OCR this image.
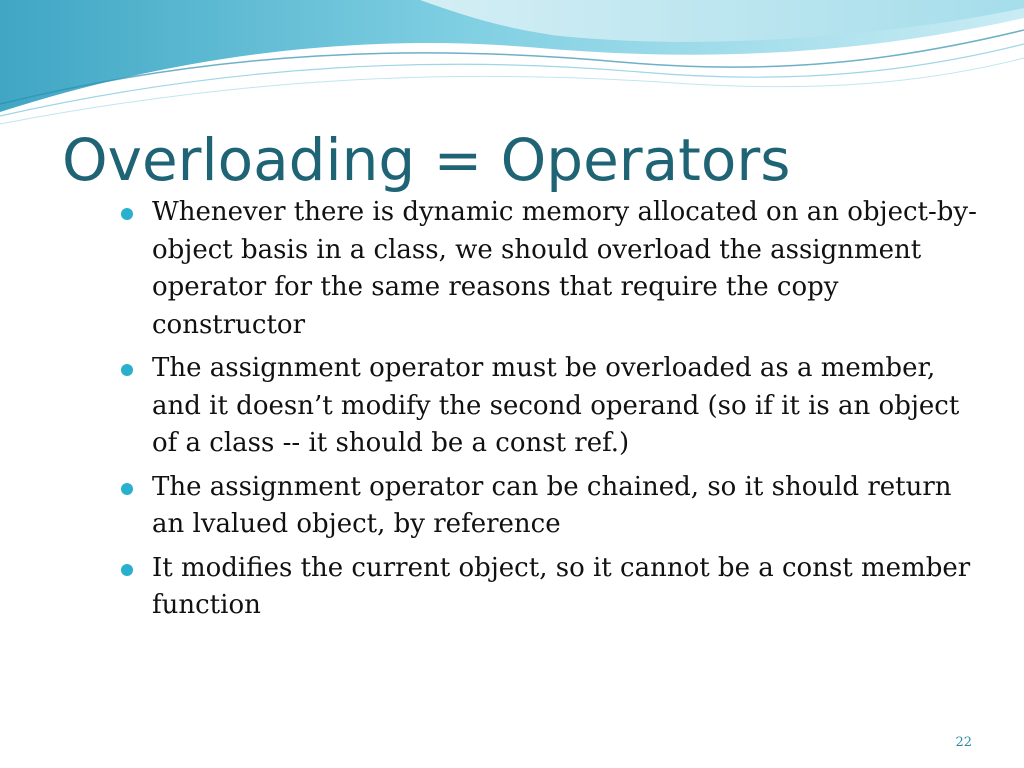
Overloading = Operators
Whenever there is dynamic memory allocated on an object-by-object basis in a class, we should overload the assignment operator for the same reasons that require the copy constructor
The assignment operator must be overloaded as a member, and it doesn’t modify the second operand (so if it is an object of a class -- it should be a const ref.)
The assignment operator can be chained, so it should return an lvalued object, by reference
It modifies the current object, so it cannot be a const member function
22
